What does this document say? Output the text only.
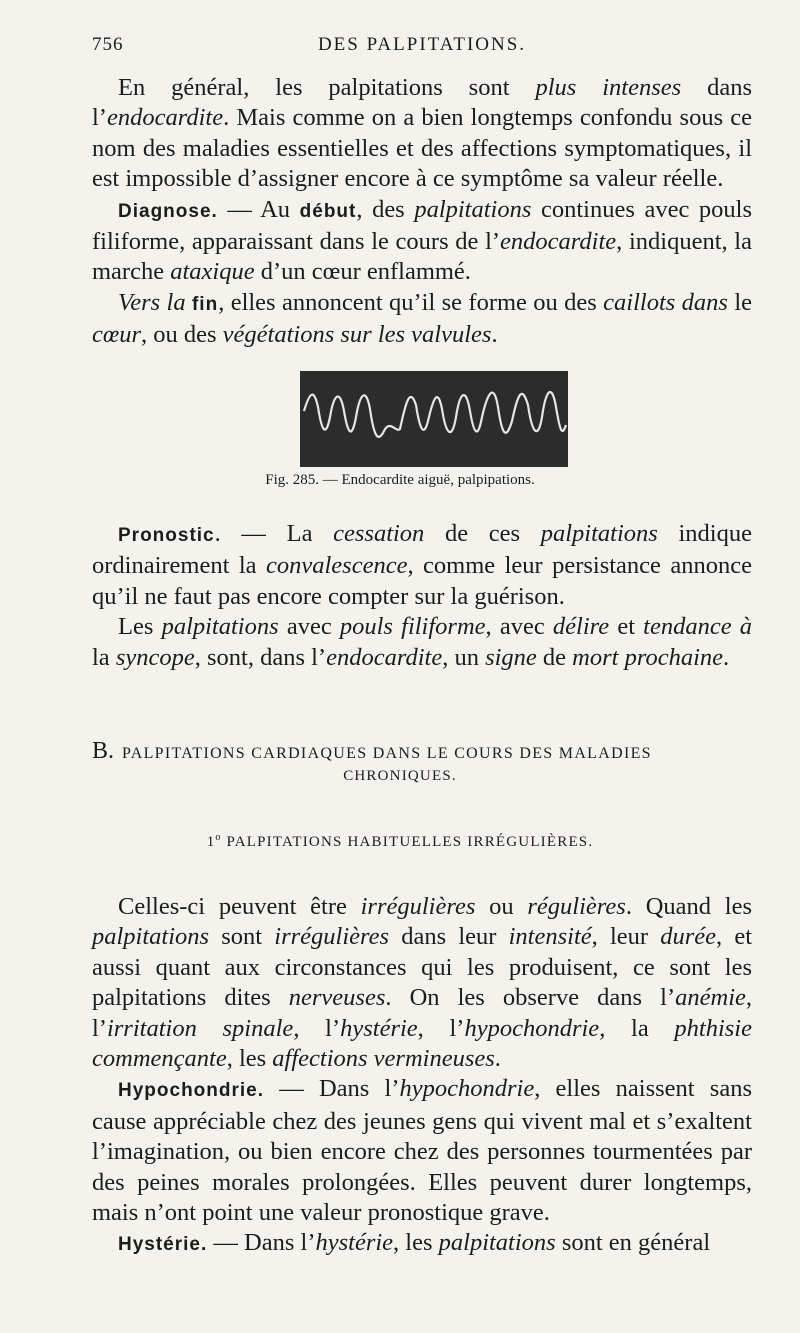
756	DES PALPITATIONS.

En général, les palpitations sont plus intenses dans l’endocardite. Mais comme on a bien longtemps confondu sous ce nom des maladies essentielles et des affections symptomatiques, il est impossible d’assigner encore à ce symptôme sa valeur réelle.

Diagnose. — Au début, des palpitations continues avec pouls filiforme, apparaissant dans le cours de l’endocardite, indiquent, la marche ataxique d’un cœur enflammé.

Vers la fin, elles annoncent qu’il se forme ou des caillots dans le cœur, ou des végétations sur les valvules.

Fig. 285. — Endocardite aiguë, palpipations.

Pronostic. — La cessation de ces palpitations indique ordinairement la convalescence, comme leur persistance annonce qu’il ne faut pas encore compter sur la guérison.

Les palpitations avec pouls filiforme, avec délire et tendance à la syncope, sont, dans l’endocardite, un signe de mort prochaine.

B. PALPITATIONS CARDIAQUES DANS LE COURS DES MALADIES
CHRONIQUES.
1$^o$ PALPITATIONS HABITUELLES IRRÉGULIÈRES.

Celles-ci peuvent être irrégulières ou régulières. Quand les palpitations sont irrégulières dans leur intensité, leur durée, et aussi quant aux circonstances qui les produisent, ce sont les palpitations dites nerveuses. On les observe dans l’anémie, l’irritation spinale, l’hystérie, l’hypochondrie, la phthisie commençante, les affections vermineuses.

Hypochondrie. — Dans l’hypochondrie, elles naissent sans cause appréciable chez des jeunes gens qui vivent mal et s’exaltent l’imagination, ou bien encore chez des personnes tourmentées par des peines morales prolongées. Elles peuvent durer longtemps, mais n’ont point une valeur pronostique grave.

Hystérie. — Dans l’hystérie, les palpitations sont en général
